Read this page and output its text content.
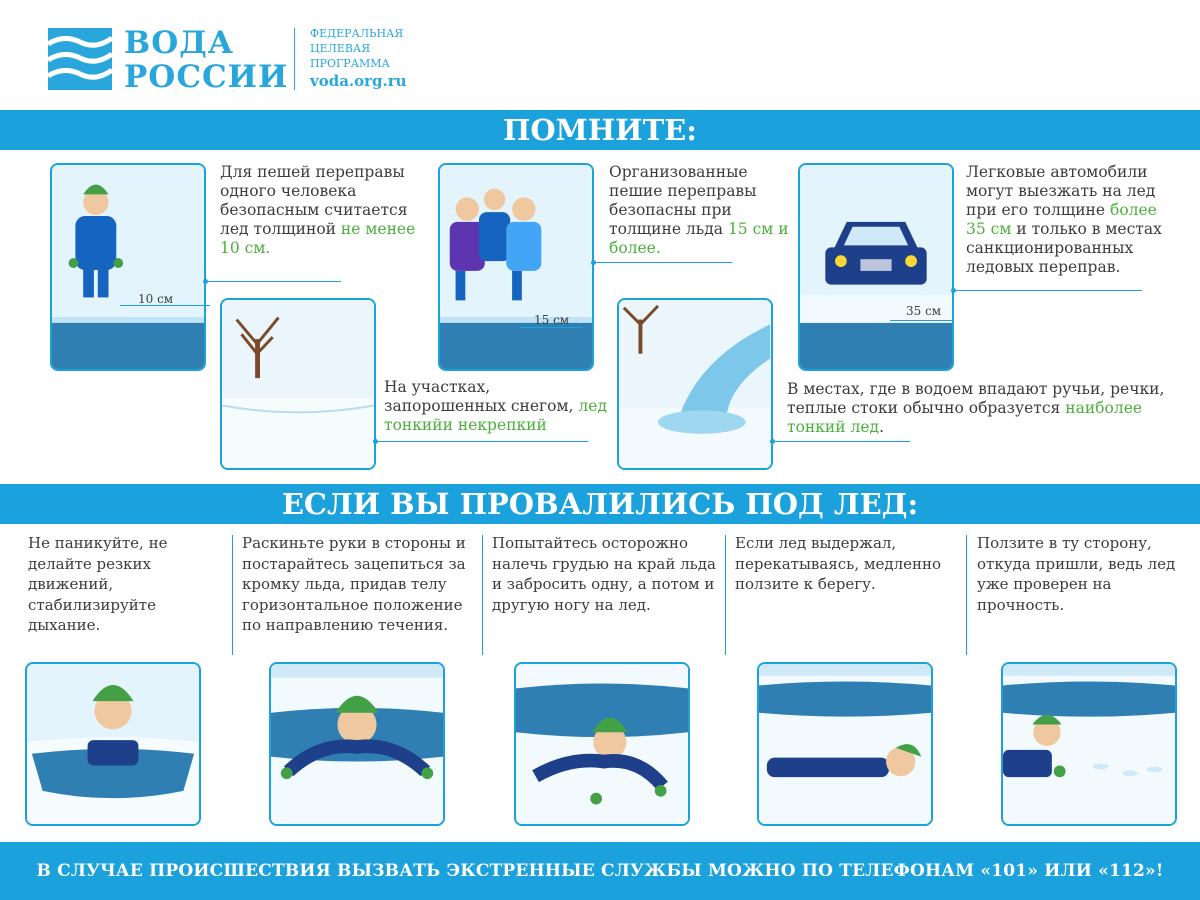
ВОДА
РОССИИ
ФЕДЕРАЛЬНАЯ
ЦЕЛЕВАЯ
ПРОГРАММА
voda.org.ru
ПОМНИТЕ:
10 см
Для пешей переправы одного человека безопасным считается лед толщиной не менее 10 см.
На участках, запорошенных снегом, лед тонкийи некрепкий
15 см
Организованные пешие переправы безопасны при толщине льда 15 см и более.
В местах, где в водоем впадают ручьи, речки, теплые стоки обычно образуется наиболее тонкий лед.
35 см
Легковые автомобили могут выезжать на лед при его толщине более 35 см и только в местах санкционированных ледовых переправ.
ЕСЛИ ВЫ ПРОВАЛИЛИСЬ ПОД ЛЕД:
Не паникуйте, не делайте резких движений, стабилизируйте дыхание.
Раскиньте руки в стороны и постарайтесь зацепиться за кромку льда, придав телу горизонтальное положение по направлению течения.
Попытайтесь осторожно налечь грудью на край льда и забросить одну, а потом и другую ногу на лед.
Если лед выдержал, перекатываясь, медленно ползите к берегу.
Ползите в ту сторону, откуда пришли, ведь лед уже проверен на прочность.
В СЛУЧАЕ ПРОИСШЕСТВИЯ ВЫЗВАТЬ ЭКСТРЕННЫЕ СЛУЖБЫ МОЖНО ПО ТЕЛЕФОНАМ «101» ИЛИ «112»!
